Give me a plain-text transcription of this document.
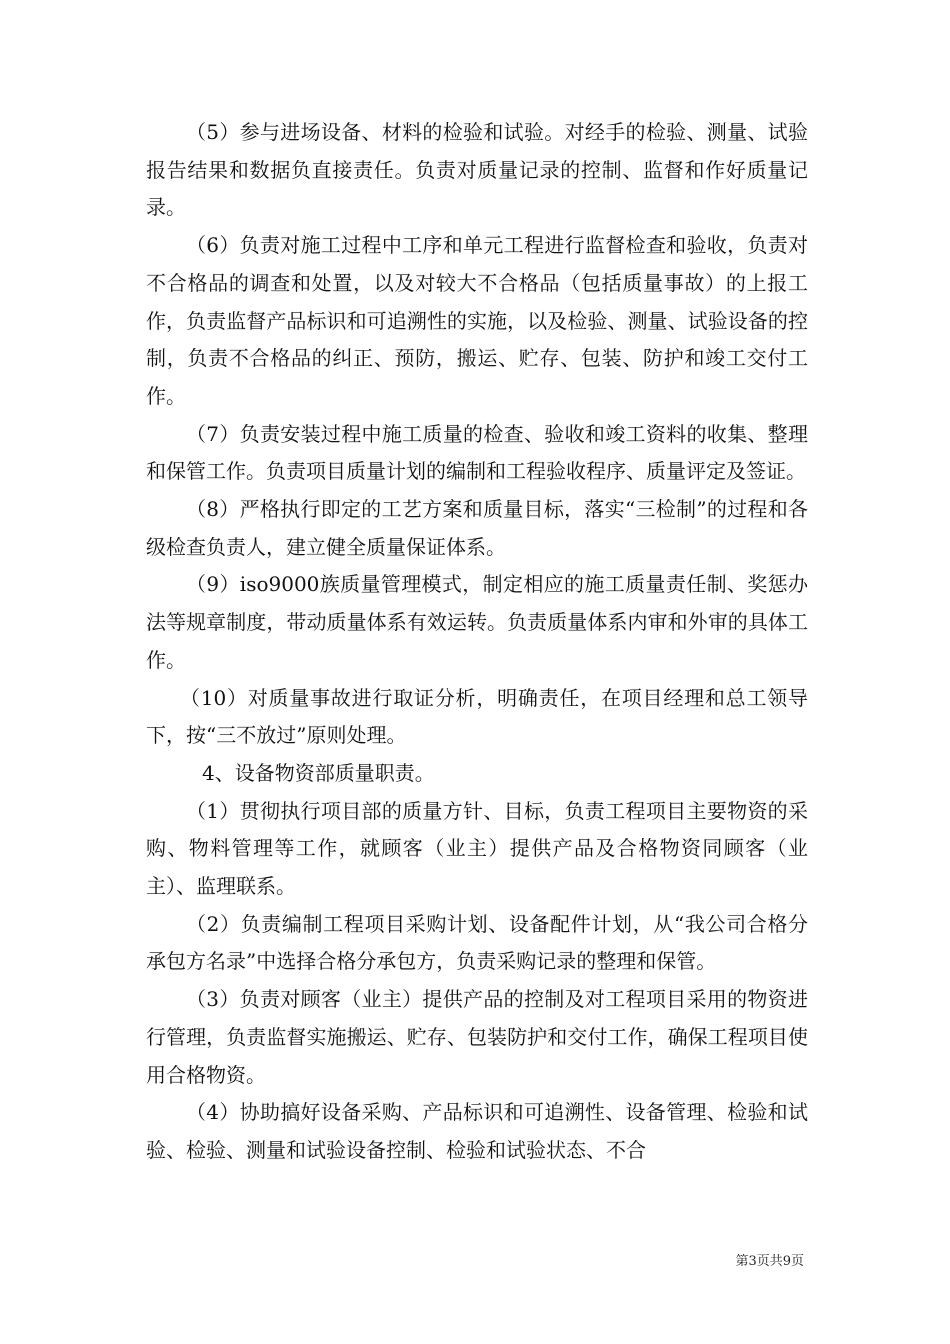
（5）参与进场设备、材料的检验和试验。对经手的检验、测量、试验报告结果和数据负直接责任。负责对质量记录的控制、监督和作好质量记录。

（6）负责对施工过程中工序和单元工程进行监督检查和验收，负责对不合格品的调查和处置，以及对较大不合格品（包括质量事故）的上报工作，负责监督产品标识和可追溯性的实施，以及检验、测量、试验设备的控制，负责不合格品的纠正、预防，搬运、贮存、包装、防护和竣工交付工作。

（7）负责安装过程中施工质量的检查、验收和竣工资料的收集、整理和保管工作。负责项目质量计划的编制和工程验收程序、质量评定及签证。

（8）严格执行即定的工艺方案和质量目标，落实“三检制”的过程和各级检查负责人，建立健全质量保证体系。

（9）iso9000族质量管理模式，制定相应的施工质量责任制、奖惩办法等规章制度，带动质量体系有效运转。负责质量体系内审和外审的具体工作。

（10）对质量事故进行取证分析，明确责任，在项目经理和总工领导下，按“三不放过”原则处理。

4、设备物资部质量职责。

（1）贯彻执行项目部的质量方针、目标，负责工程项目主要物资的采购、物料管理等工作，就顾客（业主）提供产品及合格物资同顾客（业主）、监理联系。

（2）负责编制工程项目采购计划、设备配件计划，从“我公司合格分承包方名录”中选择合格分承包方，负责采购记录的整理和保管。

（3）负责对顾客（业主）提供产品的控制及对工程项目采用的物资进行管理，负责监督实施搬运、贮存、包装防护和交付工作，确保工程项目使用合格物资。

（4）协助搞好设备采购、产品标识和可追溯性、设备管理、检验和试验、检验、测量和试验设备控制、检验和试验状态、不合

第3页共9页
